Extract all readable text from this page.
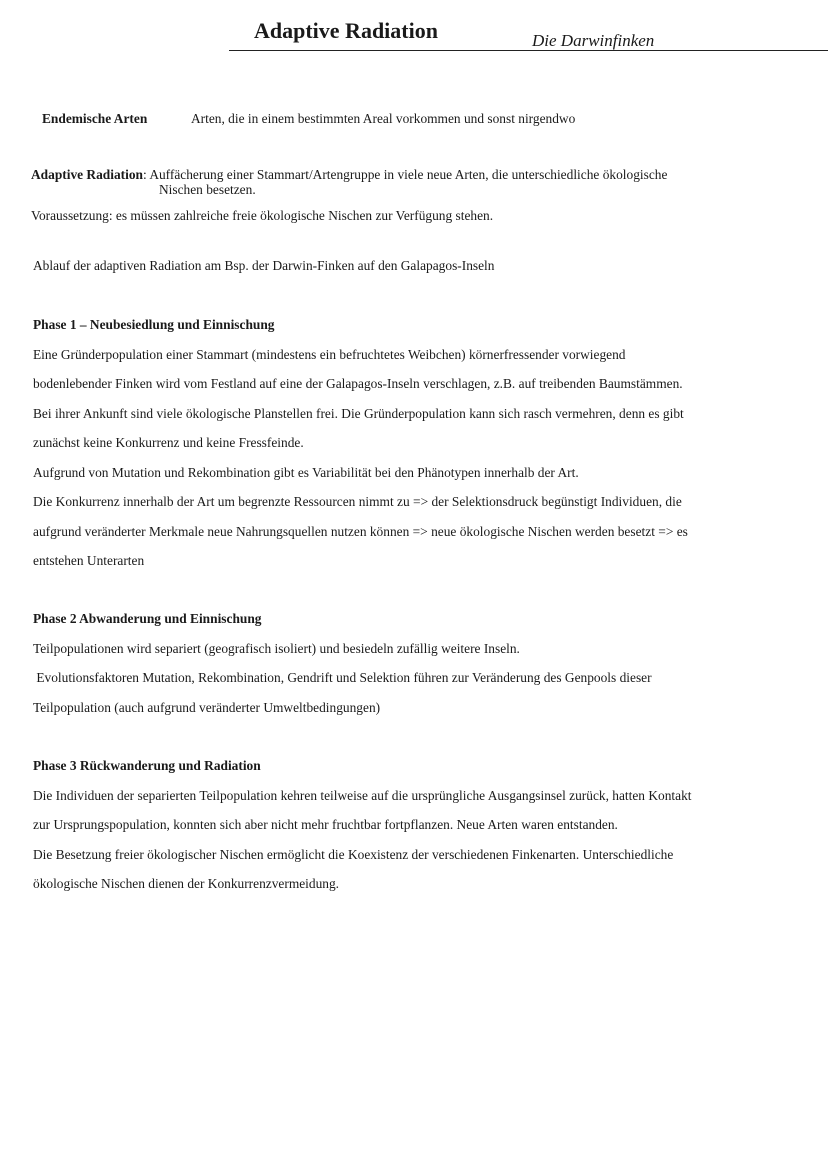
Adaptive Radiation	Die Darwinfinken
Endemische Arten	Arten, die in einem bestimmten Areal vorkommen und sonst nirgendwo
Adaptive Radiation: Auffächerung einer Stammart/Artengruppe in viele neue Arten, die unterschiedliche ökologische
Nischen besetzen.
Voraussetzung: es müssen zahlreiche freie ökologische Nischen zur Verfügung stehen.
Ablauf der adaptiven Radiation am Bsp. der Darwin-Finken auf den Galapagos-Inseln
Phase 1 – Neubesiedlung und Einnischung
Eine Gründerpopulation einer Stammart (mindestens ein befruchtetes Weibchen) körnerfressender vorwiegend
bodenlebender Finken wird vom Festland auf eine der Galapagos-Inseln verschlagen, z.B. auf treibenden Baumstämmen.
Bei ihrer Ankunft sind viele ökologische Planstellen frei. Die Gründerpopulation kann sich rasch vermehren, denn es gibt
zunächst keine Konkurrenz und keine Fressfeinde.
Aufgrund von Mutation und Rekombination gibt es Variabilität bei den Phänotypen innerhalb der Art.
Die Konkurrenz innerhalb der Art um begrenzte Ressourcen nimmt zu => der Selektionsdruck begünstigt Individuen, die
aufgrund veränderter Merkmale neue Nahrungsquellen nutzen können => neue ökologische Nischen werden besetzt => es
entstehen Unterarten
Phase 2 Abwanderung und Einnischung
Teilpopulationen wird separiert (geografisch isoliert) und besiedeln zufällig weitere Inseln.
Evolutionsfaktoren Mutation, Rekombination, Gendrift und Selektion führen zur Veränderung des Genpools dieser
Teilpopulation (auch aufgrund veränderter Umweltbedingungen)
Phase 3 Rückwanderung und Radiation
Die Individuen der separierten Teilpopulation kehren teilweise auf die ursprüngliche Ausgangsinsel zurück, hatten Kontakt
zur Ursprungspopulation, konnten sich aber nicht mehr fruchtbar fortpflanzen. Neue Arten waren entstanden.
Die Besetzung freier ökologischer Nischen ermöglicht die Koexistenz der verschiedenen Finkenarten. Unterschiedliche
ökologische Nischen dienen der Konkurrenzvermeidung.
